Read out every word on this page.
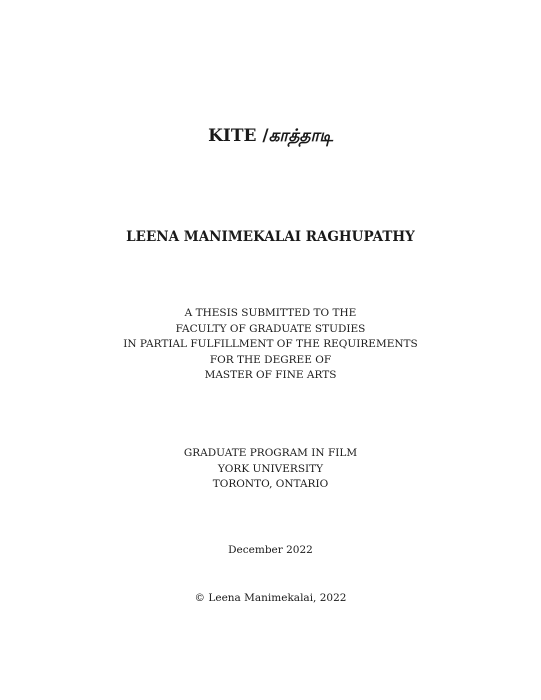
KITE /காத்தாடி
LEENA MANIMEKALAI RAGHUPATHY
A THESIS SUBMITTED TO THE
FACULTY OF GRADUATE STUDIES
IN PARTIAL FULFILLMENT OF THE REQUIREMENTS
FOR THE DEGREE OF
MASTER OF FINE ARTS
GRADUATE PROGRAM IN FILM
YORK UNIVERSITY
TORONTO, ONTARIO
December 2022
© Leena Manimekalai, 2022
